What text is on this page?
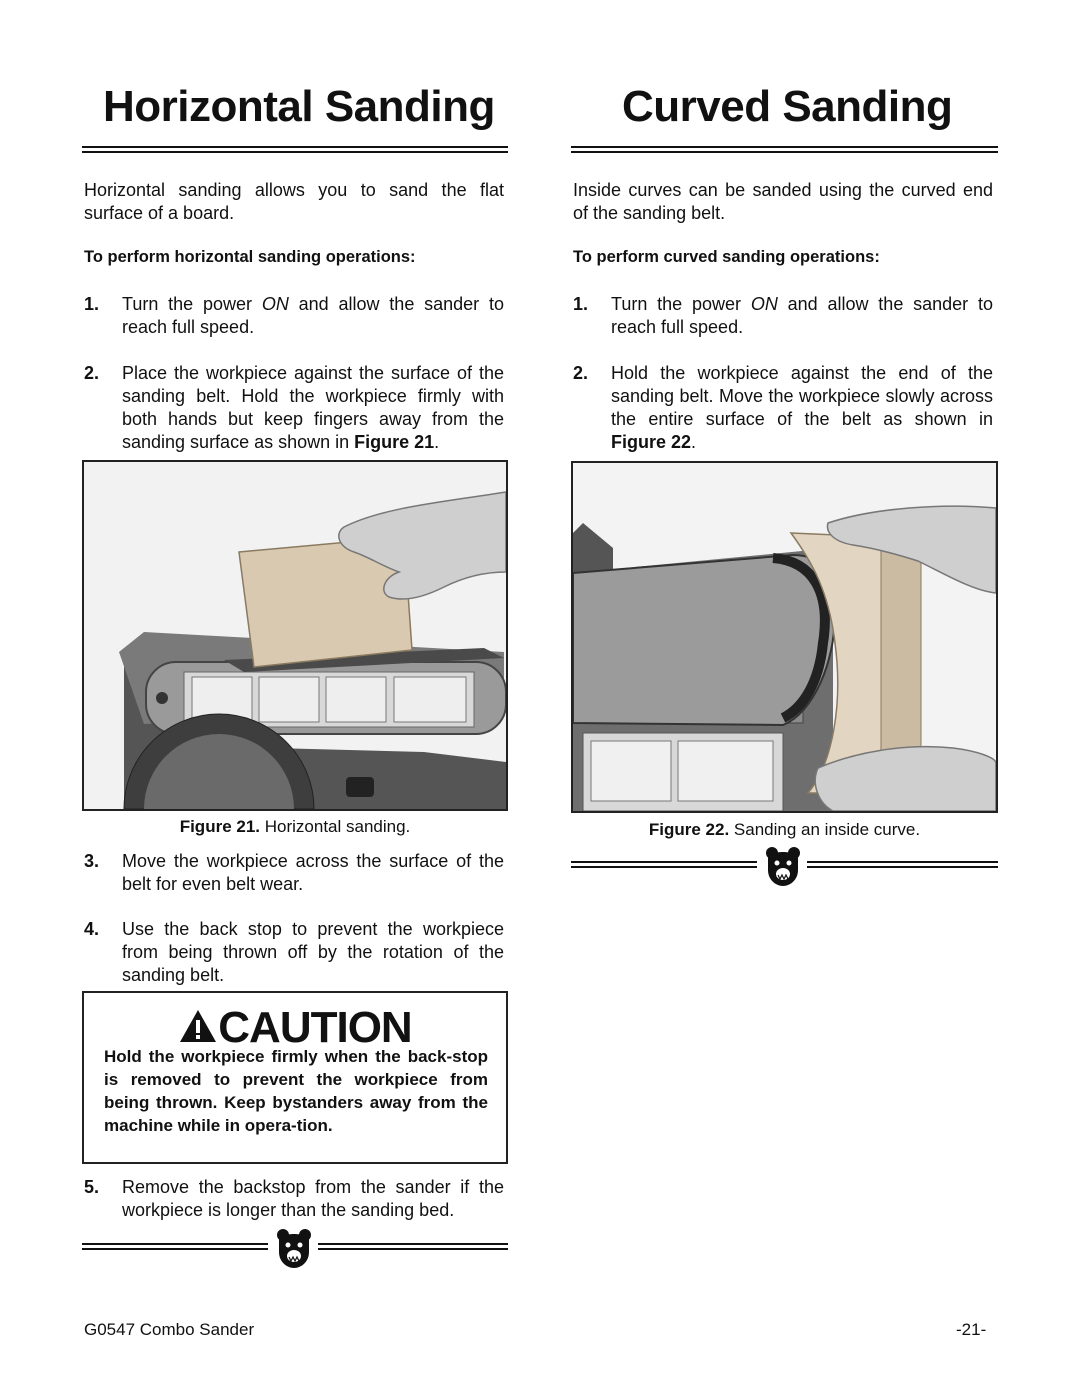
Horizontal Sanding
Horizontal sanding allows you to sand the flat surface of a board.
To perform horizontal sanding operations:
1. Turn the power ON and allow the sander to reach full speed.
2. Place the workpiece against the surface of the sanding belt. Hold the workpiece firmly with both hands but keep fingers away from the sanding surface as shown in Figure 21.
Figure 21. Horizontal sanding.
3. Move the workpiece across the surface of the belt for even belt wear.
4. Use the back stop to prevent the workpiece from being thrown off by the rotation of the sanding belt.
CAUTION
Hold the workpiece firmly when the back-stop is removed to prevent the workpiece from being thrown. Keep bystanders away from the machine while in opera-tion.
5. Remove the backstop from the sander if the workpiece is longer than the sanding bed.
Curved Sanding
Inside curves can be sanded using the curved end of the sanding belt.
To perform curved sanding operations:
1. Turn the power ON and allow the sander to reach full speed.
2. Hold the workpiece against the end of the sanding belt. Move the workpiece slowly across the entire surface of the belt as shown in Figure 22.
Figure 22. Sanding an inside curve.
G0547 Combo Sander	-21-
